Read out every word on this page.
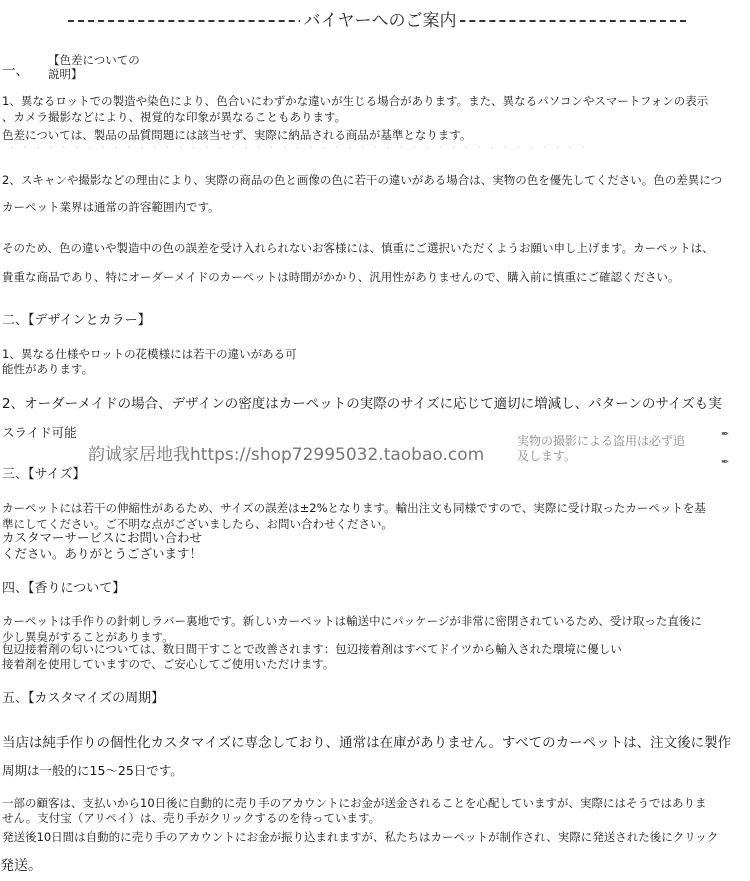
バイヤーへのご案内
一、
【色差についての
説明】
1、異なるロットでの製造や染色により、色合いにわずかな違いが生じる場合があります。また、異なるパソコンやスマートフォンの表示
、カメラ撮影などにより、視覚的な印象が異なることもあります。
色差については、製品の品質問題には該当せず、実際に納品される商品が基準となります。
· · · · · · · · · · · · · · · · · · · · · · · · · · · · · · · · · · · · · · · · · · · · ·
2、スキャンや撮影などの理由により、実際の商品の色と画像の色に若干の違いがある場合は、実物の色を優先してください。色の差異につ
カーペット業界は通常の許容範囲内です。
そのため、色の違いや製造中の色の誤差を受け入れられないお客様には、慎重にご選択いただくようお願い申し上げます。カーペットは、
貴重な商品であり、特にオーダーメイドのカーペットは時間がかかり、汎用性がありませんので、購入前に慎重にご確認ください。
二、【デザインとカラー】
1、異なる仕様やロットの花模様には若干の違いがある可
能性があります。
2、オーダーメイドの場合、デザインの密度はカーペットの実際のサイズに応じて適切に増減し、パターンのサイズも実
スライド可能
韵诚家居地我https://shop72995032.taobao.com
実物の撮影による盗用は必ず追及します。
✒
✒
三、【サイズ】
カーペットには若干の伸縮性があるため、サイズの誤差は±2%となります。輸出注文も同様ですので、実際に受け取ったカーペットを基
準にしてください。ご不明な点がございましたら、お問い合わせください。
カスタマーサービスにお問い合わせ
ください。ありがとうございます！
四、【香りについて】
カーペットは手作りの針刺しラバー裏地です。新しいカーペットは輸送中にパッケージが非常に密閉されているため、受け取った直後に
少し異臭がすることがあります。
包辺接着剤の匂いについては、数日間干すことで改善されます：包辺接着剤はすべてドイツから輸入された環境に優しい
接着剤を使用していますので、ご安心してご使用いただけます。
五、【カスタマイズの周期】
当店は純手作りの個性化カスタマイズに専念しており、通常は在庫がありません。すべてのカーペットは、注文後に製作
周期は一般的に15〜25日です。
一部の顧客は、支払いから10日後に自動的に売り手のアカウントにお金が送金されることを心配していますが、実際にはそうではありま
せん。支付宝（アリペイ）は、売り手がクリックするのを待っています。
発送後10日間は自動的に売り手のアカウントにお金が振り込まれますが、私たちはカーペットが制作され、実際に発送された後にクリック
発送。
